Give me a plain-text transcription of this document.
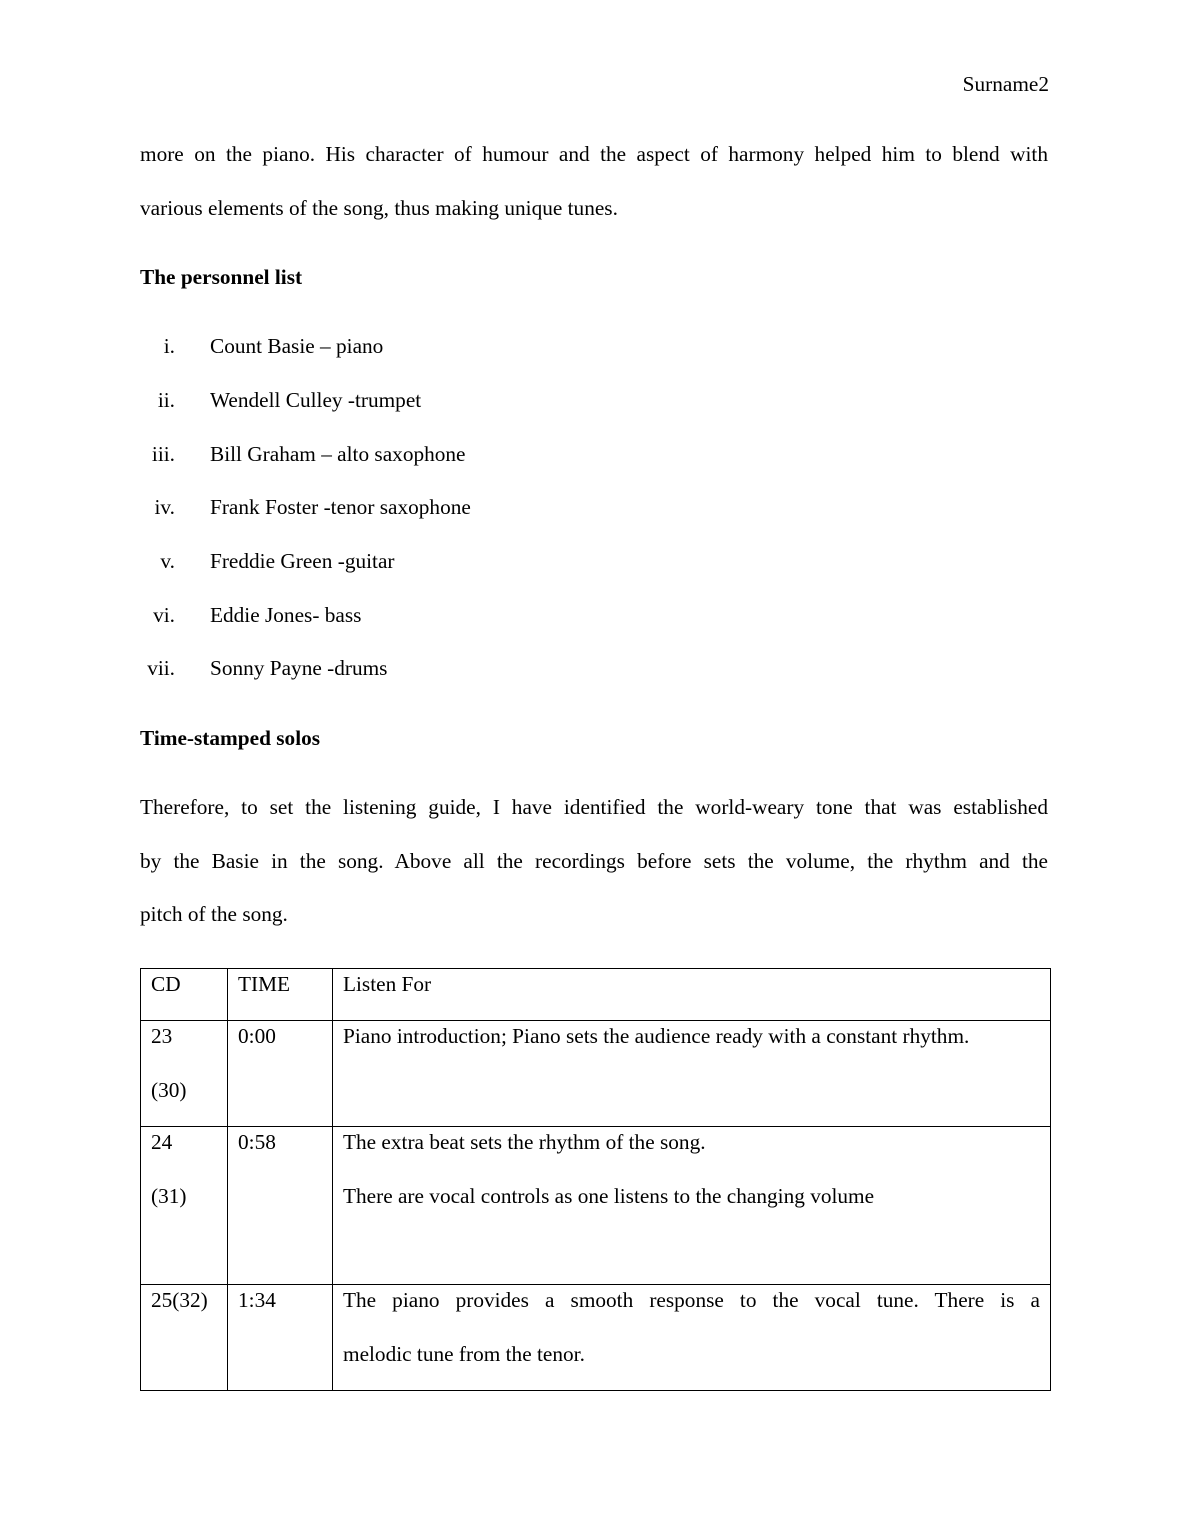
Surname2
more on the piano. His character of humour and the aspect of harmony helped him to blend with
various elements of the song, thus making unique tunes.
The personnel list
i. Count Basie – piano
ii. Wendell Culley -trumpet
iii. Bill Graham – alto saxophone
iv. Frank Foster -tenor saxophone
v. Freddie Green -guitar
vi. Eddie Jones- bass
vii. Sonny Payne -drums
Time-stamped solos
Therefore, to set the listening guide, I have identified the world-weary tone that was established
by the Basie in the song. Above all the recordings before sets the volume, the rhythm and the
pitch of the song.
CD	TIME	Listen For

23
(30)	0:00	Piano introduction; Piano sets the audience ready with a constant rhythm.

24
(31)	0:58	The extra beat sets the rhythm of the song.
There are vocal controls as one listens to the changing volume

25(32)	1:34	The piano provides a smooth response to the vocal tune. There is a
melodic tune from the tenor.
